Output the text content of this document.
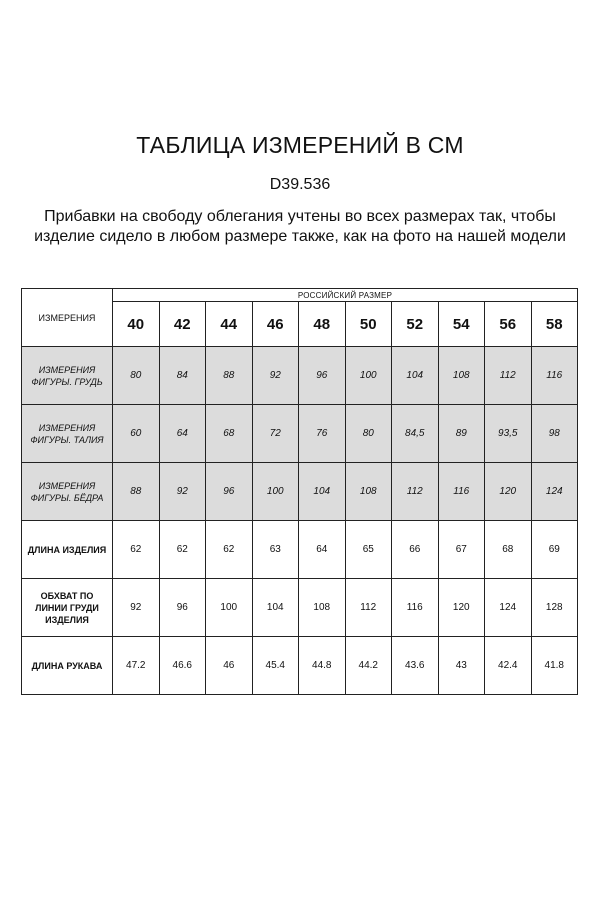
ТАБЛИЦА ИЗМЕРЕНИЙ В СМ
D39.536
Прибавки на свободу облегания учтены во всех размерах так, чтобы изделие сидело в любом размере также, как на фото на нашей модели
ИЗМЕРЕНИЯ	РОССИЙСКИЙ РАЗМЕР									
	40	42	44	46	48	50	52	54	56	58
ИЗМЕРЕНИЯ ФИГУРЫ. ГРУДЬ	80	84	88	92	96	100	104	108	112	116
ИЗМЕРЕНИЯ ФИГУРЫ. ТАЛИЯ	60	64	68	72	76	80	84,5	89	93,5	98
ИЗМЕРЕНИЯ ФИГУРЫ. БЁДРА	88	92	96	100	104	108	112	116	120	124
ДЛИНА ИЗДЕЛИЯ	62	62	62	63	64	65	66	67	68	69
ОБХВАТ ПО ЛИНИИ ГРУДИ ИЗДЕЛИЯ	92	96	100	104	108	112	116	120	124	128
ДЛИНА РУКАВА	47.2	46.6	46	45.4	44.8	44.2	43.6	43	42.4	41.8
